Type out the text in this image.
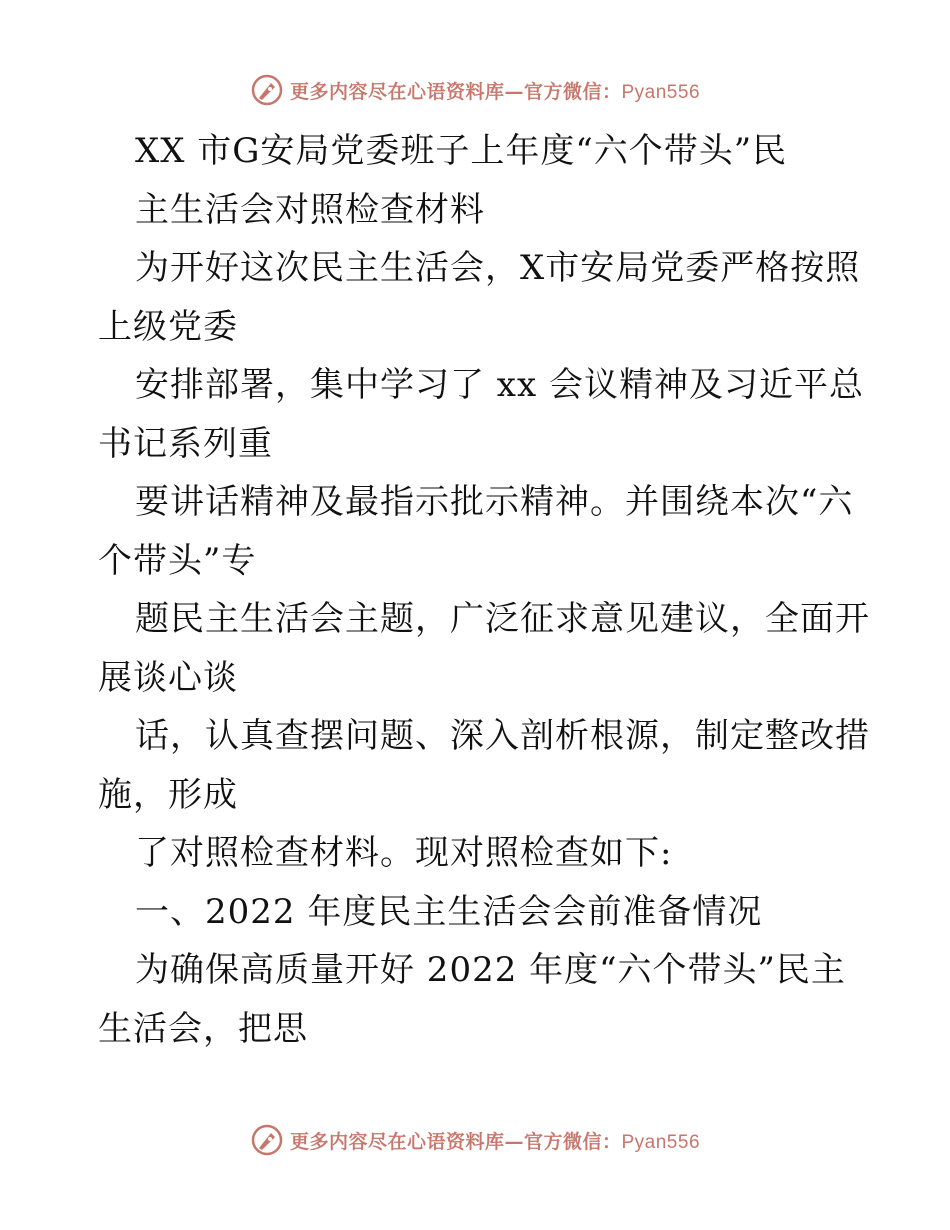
更多内容尽在心语资料库—官方微信：Pyan556
XX 市G安局党委班子上年度“六个带头”民
主生活会对照检查材料
为开好这次民主生活会，X市安局党委严格按照
上级党委
安排部署，集中学习了 xx 会议精神及习近平总
书记系列重
要讲话精神及最指示批示精神。并围绕本次“六
个带头”专
题民主生活会主题，广泛征求意见建议，全面开
展谈心谈
话，认真查摆问题、深入剖析根源，制定整改措
施，形成
了对照检查材料。现对照检查如下:
一、2022 年度民主生活会会前准备情况
为确保高质量开好 2022 年度“六个带头”民主
生活会，把思
更多内容尽在心语资料库—官方微信：Pyan556
